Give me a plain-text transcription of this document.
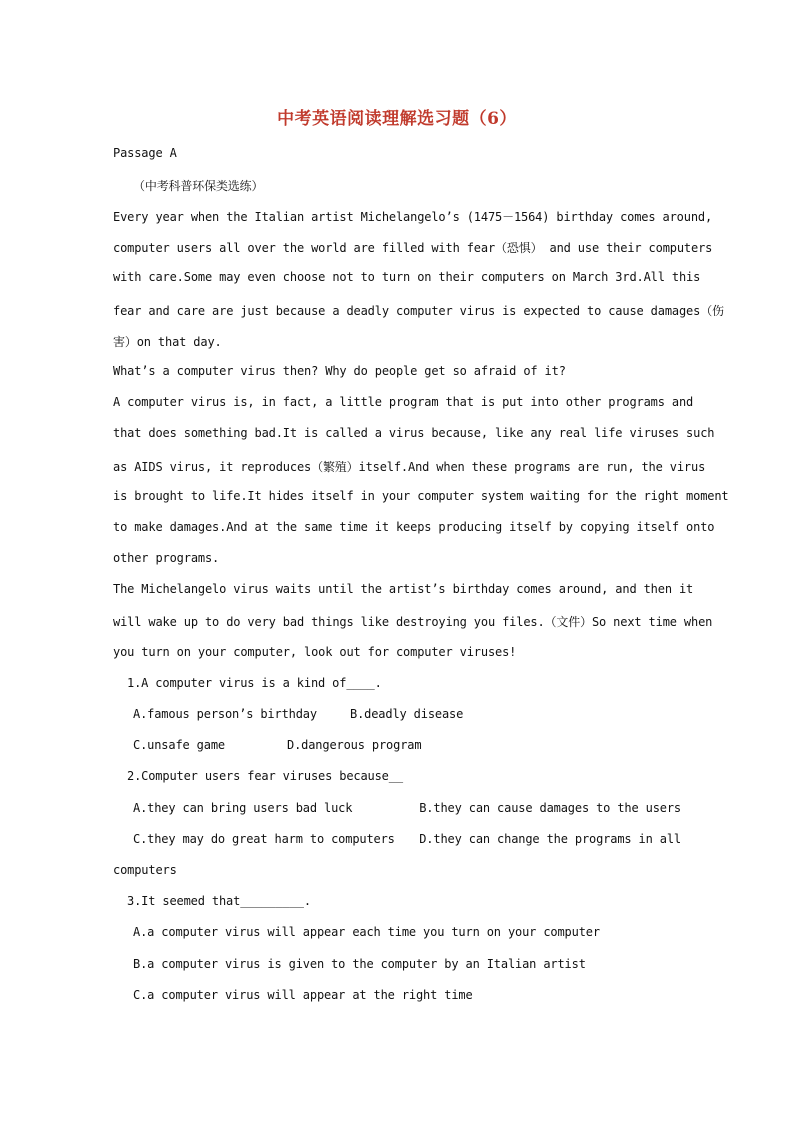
中考英语阅读理解选习题（6）
Passage A
（中考科普环保类选练）
Every year when the Italian artist Michelangelo’s (1475－1564) birthday comes around,
computer users all over the world are filled with fear（恐惧） and use their computers
with care.Some may even choose not to turn on their computers on March 3rd.All this
fear and care are just because a deadly computer virus is expected to cause damages（伤
害）on that day.
What’s a computer virus then? Why do people get so afraid of it?
A computer virus is, in fact, a little program that is put into other programs and
that does something bad.It is called a virus because, like any real life viruses such
as AIDS virus, it reproduces（繁殖）itself.And when these programs are run, the virus
is brought to life.It hides itself in your computer system waiting for the right moment
to make damages.And at the same time it keeps producing itself by copying itself onto
other programs.
The Michelangelo virus waits until the artist’s birthday comes around, and then it
will wake up to do very bad things like destroying you files.（文件）So next time when
you turn on your computer, look out for computer viruses!
1.A computer virus is a kind of____.
A.famous person’s birthday	B.deadly disease
C.unsafe game	D.dangerous program
2.Computer users fear viruses because__
A.they can bring users bad luck	B.they can cause damages to the users
C.they may do great harm to computers D.they can change the programs in all
computers
3.It seemed that_________.
A.a computer virus will appear each time you turn on your computer
B.a computer virus is given to the computer by an Italian artist
C.a computer virus will appear at the right time
